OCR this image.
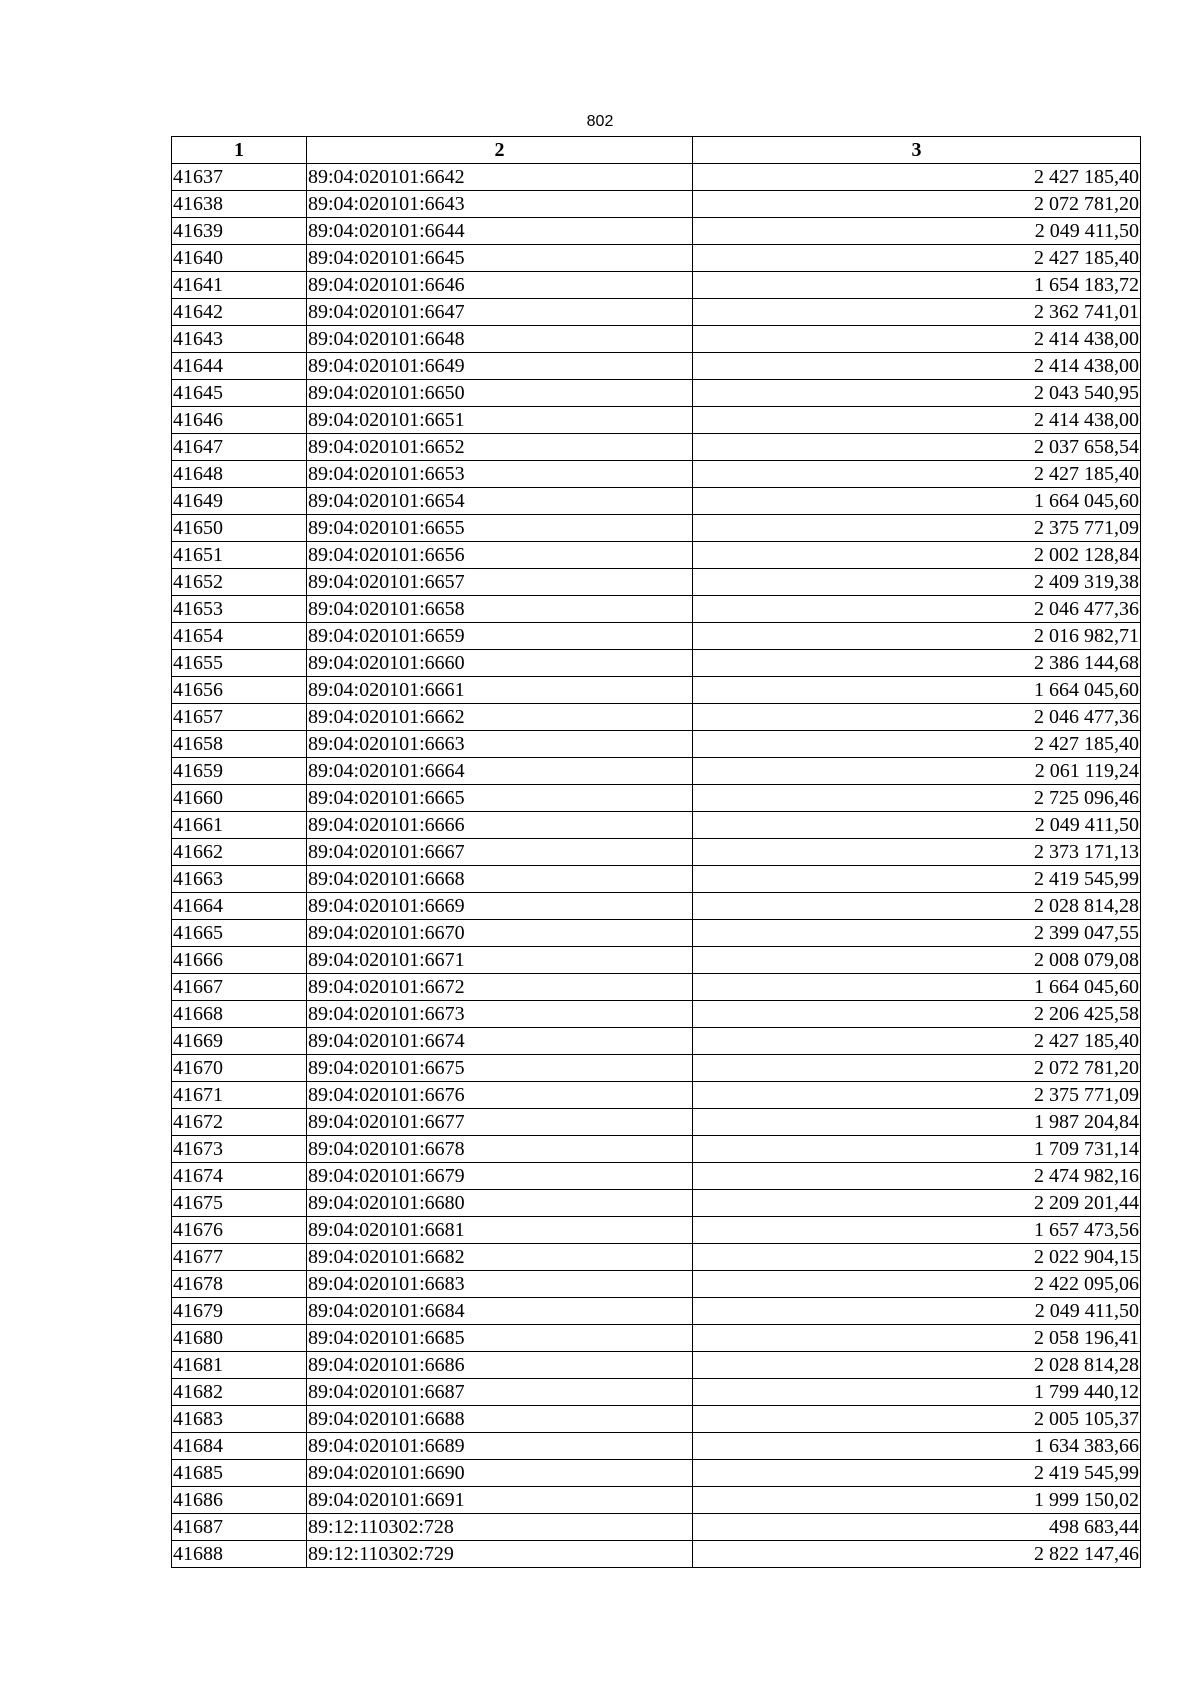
802
1	2	3
41637	89:04:020101:6642	2 427 185,40
41638	89:04:020101:6643	2 072 781,20
41639	89:04:020101:6644	2 049 411,50
41640	89:04:020101:6645	2 427 185,40
41641	89:04:020101:6646	1 654 183,72
41642	89:04:020101:6647	2 362 741,01
41643	89:04:020101:6648	2 414 438,00
41644	89:04:020101:6649	2 414 438,00
41645	89:04:020101:6650	2 043 540,95
41646	89:04:020101:6651	2 414 438,00
41647	89:04:020101:6652	2 037 658,54
41648	89:04:020101:6653	2 427 185,40
41649	89:04:020101:6654	1 664 045,60
41650	89:04:020101:6655	2 375 771,09
41651	89:04:020101:6656	2 002 128,84
41652	89:04:020101:6657	2 409 319,38
41653	89:04:020101:6658	2 046 477,36
41654	89:04:020101:6659	2 016 982,71
41655	89:04:020101:6660	2 386 144,68
41656	89:04:020101:6661	1 664 045,60
41657	89:04:020101:6662	2 046 477,36
41658	89:04:020101:6663	2 427 185,40
41659	89:04:020101:6664	2 061 119,24
41660	89:04:020101:6665	2 725 096,46
41661	89:04:020101:6666	2 049 411,50
41662	89:04:020101:6667	2 373 171,13
41663	89:04:020101:6668	2 419 545,99
41664	89:04:020101:6669	2 028 814,28
41665	89:04:020101:6670	2 399 047,55
41666	89:04:020101:6671	2 008 079,08
41667	89:04:020101:6672	1 664 045,60
41668	89:04:020101:6673	2 206 425,58
41669	89:04:020101:6674	2 427 185,40
41670	89:04:020101:6675	2 072 781,20
41671	89:04:020101:6676	2 375 771,09
41672	89:04:020101:6677	1 987 204,84
41673	89:04:020101:6678	1 709 731,14
41674	89:04:020101:6679	2 474 982,16
41675	89:04:020101:6680	2 209 201,44
41676	89:04:020101:6681	1 657 473,56
41677	89:04:020101:6682	2 022 904,15
41678	89:04:020101:6683	2 422 095,06
41679	89:04:020101:6684	2 049 411,50
41680	89:04:020101:6685	2 058 196,41
41681	89:04:020101:6686	2 028 814,28
41682	89:04:020101:6687	1 799 440,12
41683	89:04:020101:6688	2 005 105,37
41684	89:04:020101:6689	1 634 383,66
41685	89:04:020101:6690	2 419 545,99
41686	89:04:020101:6691	1 999 150,02
41687	89:12:110302:728	498 683,44
41688	89:12:110302:729	2 822 147,46
